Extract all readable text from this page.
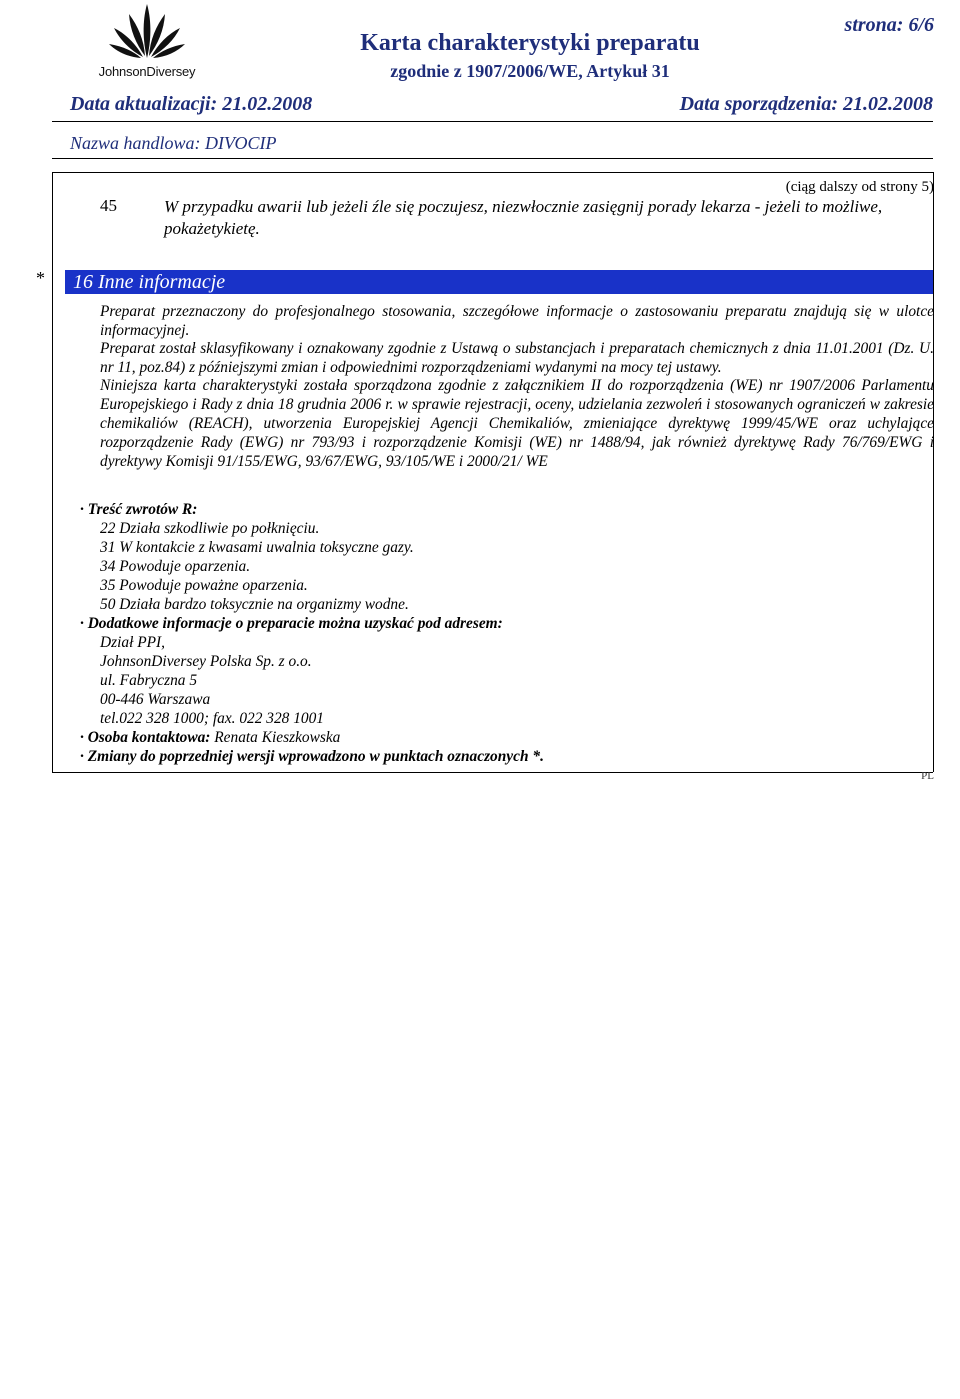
JohnsonDiversey
Karta charakterystyki preparatu
zgodnie z 1907/2006/WE, Artykuł 31
strona: 6/6
Data aktualizacji: 21.02.2008	Data sporządzenia: 21.02.2008
Nazwa handlowa: DIVOCIP
(ciąg dalszy od strony 5)
45	W przypadku awarii lub jeżeli źle się poczujesz, niezwłocznie zasięgnij porady lekarza - jeżeli to możliwe, pokażetykietę.
*	16 Inne informacje
Preparat przeznaczony do profesjonalnego stosowania, szczegółowe informacje o zastosowaniu preparatu znajdują się w ulotce informacyjnej.
Preparat został sklasyfikowany i oznakowany zgodnie z Ustawą o substancjach i preparatach chemicznych z dnia 11.01.2001 (Dz. U. nr 11, poz.84) z późniejszymi zmian i odpowiednimi rozporządzeniami wydanymi na mocy tej ustawy.
Niniejsza karta charakterystyki została sporządzona zgodnie z załącznikiem II do rozporządzenia (WE) nr 1907/2006 Parlamentu Europejskiego i Rady z dnia 18 grudnia 2006 r. w sprawie rejestracji, oceny, udzielania zezwoleń i stosowanych ograniczeń w zakresie chemikaliów (REACH), utworzenia Europejskiej Agencji Chemikaliów, zmieniające dyrektywę 1999/45/WE oraz uchylające rozporządzenie Rady (EWG) nr 793/93 i rozporządzenie Komisji (WE) nr 1488/94, jak również dyrektywę Rady 76/769/EWG i dyrektywy Komisji 91/155/EWG, 93/67/EWG, 93/105/WE i 2000/21/ WE
· Treść zwrotów R:
22 Działa szkodliwie po połknięciu.
31 W kontakcie z kwasami uwalnia toksyczne gazy.
34 Powoduje oparzenia.
35 Powoduje poważne oparzenia.
50 Działa bardzo toksycznie na organizmy wodne.
· Dodatkowe informacje o preparacie można uzyskać pod adresem:
Dział PPI,
JohnsonDiversey Polska Sp. z o.o.
ul. Fabryczna 5
00-446 Warszawa
tel.022 328 1000; fax. 022 328 1001
· Osoba kontaktowa: Renata Kieszkowska
· Zmiany do poprzedniej wersji wprowadzono w punktach oznaczonych *.
PL
